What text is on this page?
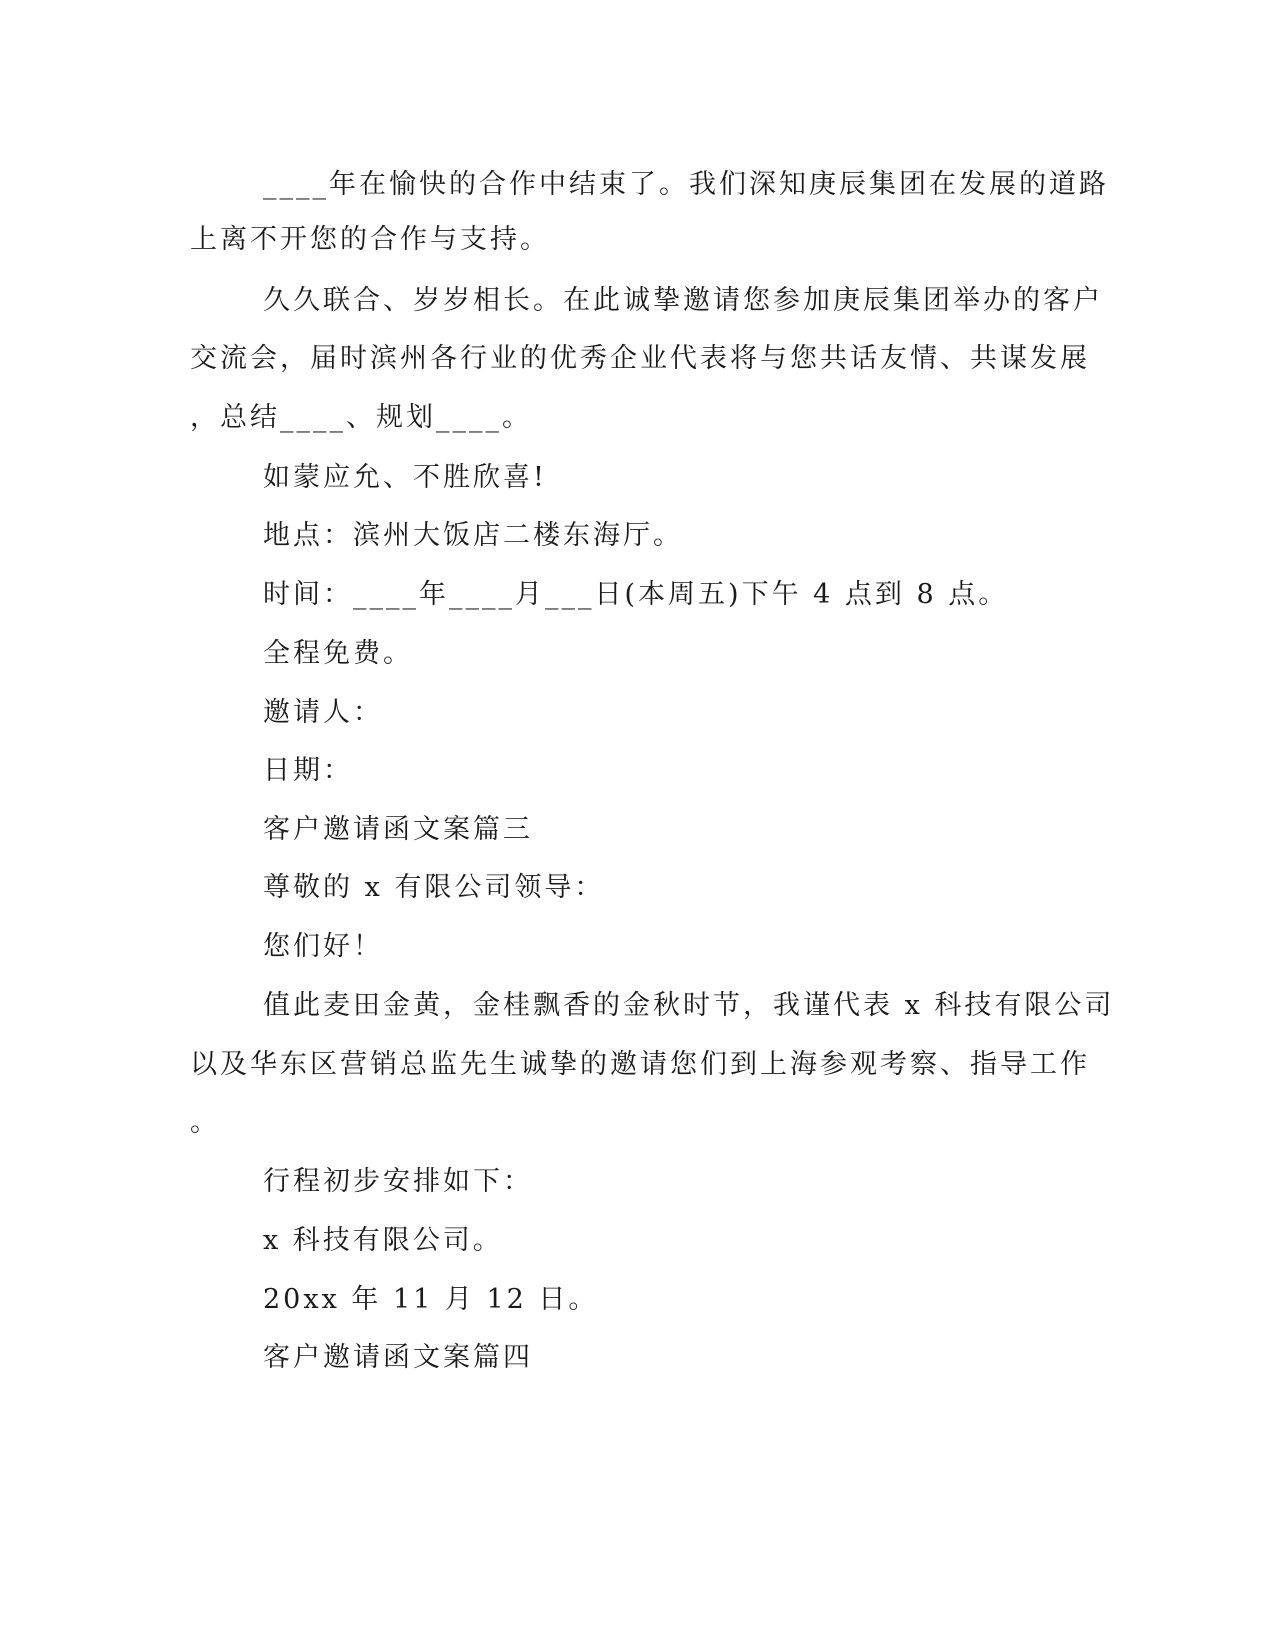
____年在愉快的合作中结束了。我们深知庚辰集团在发展的道路
上离不开您的合作与支持。
久久联合、岁岁相长。在此诚挚邀请您参加庚辰集团举办的客户
交流会，届时滨州各行业的优秀企业代表将与您共话友情、共谋发展
，总结____、规划____。
如蒙应允、不胜欣喜!
地点：滨州大饭店二楼东海厅。
时间：____年____月___日(本周五)下午 4 点到 8 点。
全程免费。
邀请人：
日期：
客户邀请函文案篇三
尊敬的 x 有限公司领导：
您们好！
值此麦田金黄，金桂飘香的金秋时节，我谨代表 x 科技有限公司
以及华东区营销总监先生诚挚的邀请您们到上海参观考察、指导工作
。
行程初步安排如下：
x 科技有限公司。
20xx 年 11 月 12 日。
客户邀请函文案篇四
